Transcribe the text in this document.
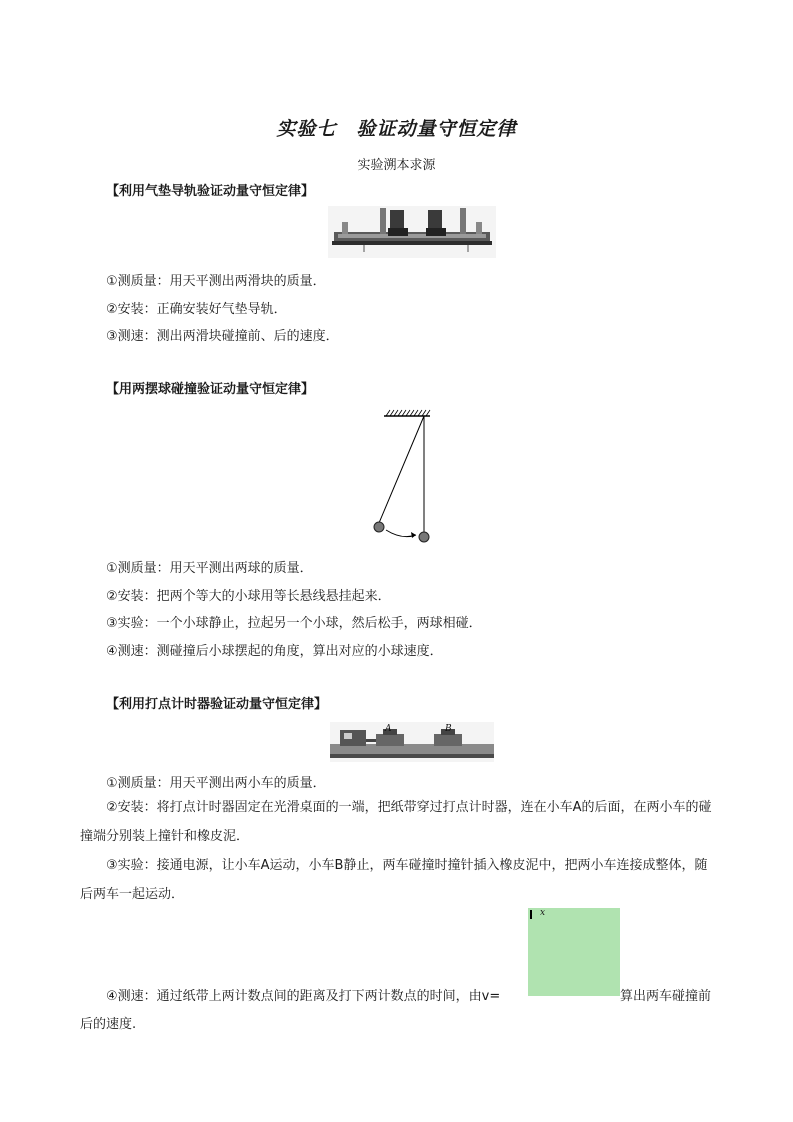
实验七　验证动量守恒定律
实验溯本求源
【利用气垫导轨验证动量守恒定律】
①测质量：用天平测出两滑块的质量．
②安装：正确安装好气垫导轨．
③测速：测出两滑块碰撞前、后的速度．
【用两摆球碰撞验证动量守恒定律】
①测质量：用天平测出两球的质量．
②安装：把两个等大的小球用等长悬线悬挂起来．
③实验：一个小球静止，拉起另一个小球，然后松手，两球相碰．
④测速：测碰撞后小球摆起的角度，算出对应的小球速度．
【利用打点计时器验证动量守恒定律】
A	B
①测质量：用天平测出两小车的质量．
②安装：将打点计时器固定在光滑桌面的一端，把纸带穿过打点计时器，连在小车A的后面，在两小车的碰撞端分别装上撞针和橡皮泥．
③实验：接通电源，让小车A运动，小车B静止，两车碰撞时撞针插入橡皮泥中，把两小车连接成整体，随后两车一起运动．
x
④测速：通过纸带上两计数点间的距离及打下两计数点的时间，由v=	算出两车碰撞前
后的速度.
